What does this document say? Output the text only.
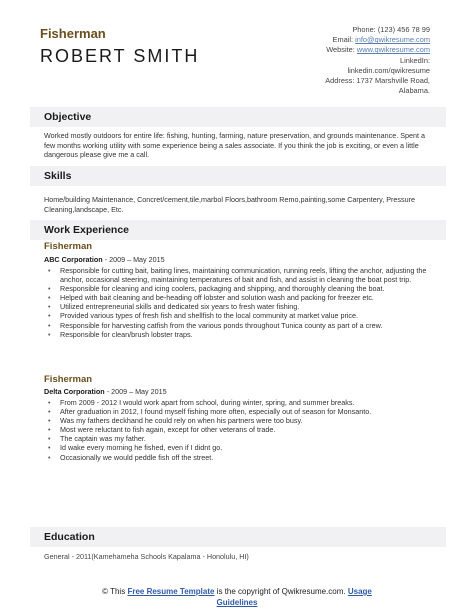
Fisherman
ROBERT SMITH
Phone: (123) 456 78 99
Email: info@qwikresume.com
Website: www.qwikresume.com
LinkedIn:
linkedin.com/qwikresume
Address: 1737 Marshville Road,
Alabama.
Objective
Worked mostly outdoors for entire life: fishing, hunting, farming, nature preservation, and grounds maintenance. Spent a few months working utility with some experience being a sales associate. If you think the job is exciting, or even a little dangerous please give me a call.
Skills
Home/building Maintenance, Concret/cement,tile,marbol Floors,bathroom Remo,painting,some Carpentery, Pressure Cleaning,landscape, Etc.
Work Experience
Fisherman
ABC Corporation - 2009 – May 2015
• Responsible for cutting bait, baiting lines, maintaining communication, running reels, lifting the anchor, adjusting the anchor, occasional steering, maintaining temperatures of bait and fish, and assist in cleaning the boat post trip.
• Responsible for cleaning and icing coolers, packaging and shipping, and thoroughly cleaning the boat.
• Helped with bait cleaning and be-heading off lobster and solution wash and packing for freezer etc.
• Utilized entrepreneurial skills and dedicated six years to fresh water fishing.
• Provided various types of fresh fish and shellfish to the local community at market value price.
• Responsible for harvesting catfish from the various ponds throughout Tunica county as part of a crew.
• Responsible for clean/brush lobster traps.
Fisherman
Delta Corporation - 2009 – May 2015
• From 2009 - 2012 I would work apart from school, during winter, spring, and summer breaks.
• After graduation in 2012, I found myself fishing more often, especially out of season for Monsanto.
• Was my fathers deckhand he could rely on when his partners were too busy.
• Most were reluctant to fish again, except for other veterans of trade.
• The captain was my father.
• Id wake every morning he fished, even if I didnt go.
• Occasionally we would peddle fish off the street.
Education
General - 2011(Kamehameha Schools Kapalama - Honolulu, HI)
© This Free Resume Template is the copyright of Qwikresume.com. Usage
Guidelines
